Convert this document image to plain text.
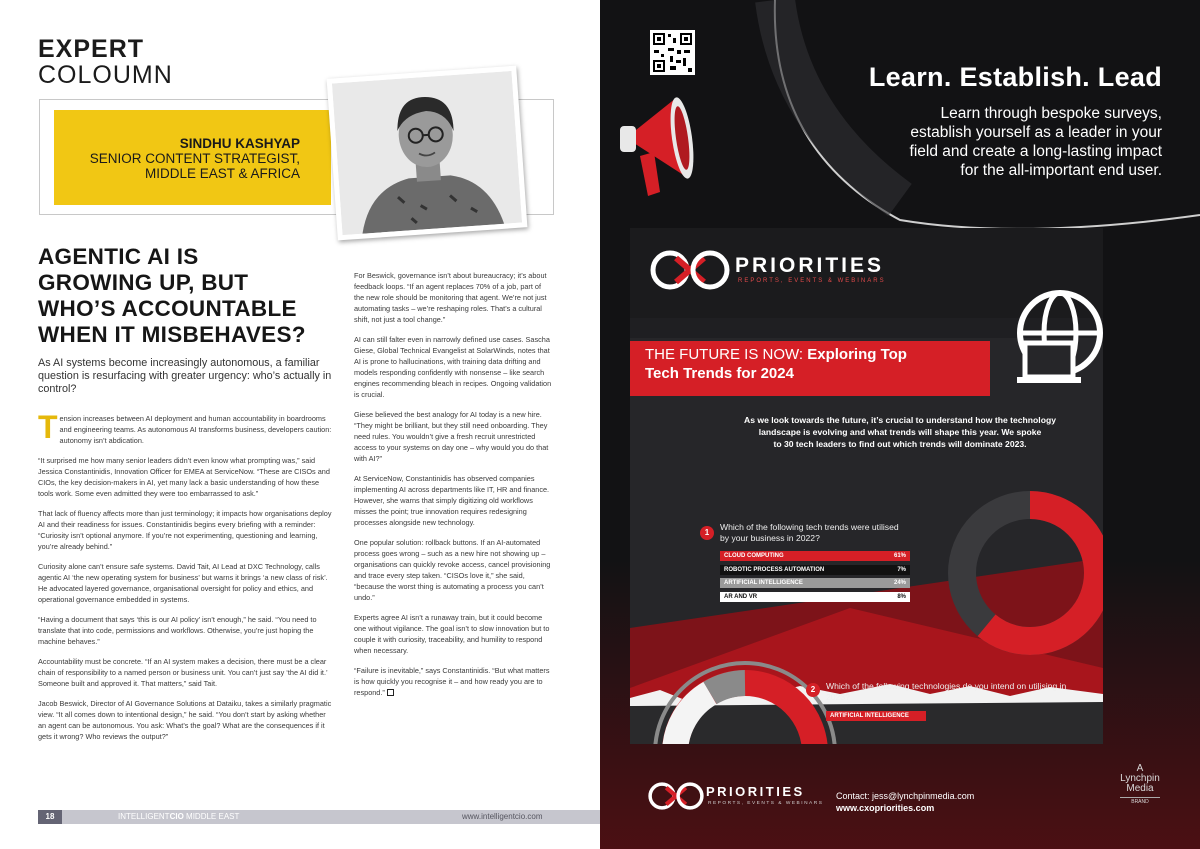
EXPERT
COLOUMN
SINDHU KASHYAP
SENIOR CONTENT STRATEGIST,
MIDDLE EAST & AFRICA
AGENTIC AI IS
GROWING UP, BUT
WHO’S ACCOUNTABLE
WHEN IT MISBEHAVES?
As AI systems become increasingly autonomous, a familiar question is resurfacing with greater urgency: who’s actually in control?

Tension increases between AI deployment and human accountability in boardrooms and engineering teams. As autonomous AI transforms business, developers caution: autonomy isn’t abdication.

“It surprised me how many senior leaders didn’t even know what prompting was,” said Jessica Constantinidis, Innovation Officer for EMEA at ServiceNow. “These are CISOs and CIOs, the key decision-makers in AI, yet many lack a basic understanding of how these tools work. Some even admitted they were too embarrassed to ask.”

That lack of fluency affects more than just terminology; it impacts how organisations deploy AI and their readiness for issues. Constantinidis begins every briefing with a reminder: “Curiosity isn’t optional anymore. If you’re not experimenting, questioning and learning, you’re already behind.”

Curiosity alone can’t ensure safe systems. David Tait, AI Lead at DXC Technology, calls agentic AI ‘the new operating system for business’ but warns it brings ‘a new class of risk’. He advocated layered governance, organisational oversight for policy and ethics, and operational governance embedded in systems.

“Having a document that says ‘this is our AI policy’ isn’t enough,” he said. “You need to translate that into code, permissions and workflows. Otherwise, you’re just hoping the machine behaves.”

Accountability must be concrete. “If an AI system makes a decision, there must be a clear chain of responsibility to a named person or business unit. You can’t just say ‘the AI did it.’ Someone built and approved it. That matters,” said Tait.

Jacob Beswick, Director of AI Governance Solutions at Dataiku, takes a similarly pragmatic view. “It all comes down to intentional design,” he said. “You don’t start by asking whether an agent can be autonomous. You ask: What’s the goal? What are the consequences if it gets it wrong? Who reviews the output?”

For Beswick, governance isn’t about bureaucracy; it’s about feedback loops. “If an agent replaces 70% of a job, part of the new role should be monitoring that agent. We’re not just automating tasks – we’re reshaping roles. That’s a cultural shift, not just a tool change.”

AI can still falter even in narrowly defined use cases. Sascha Giese, Global Technical Evangelist at SolarWinds, notes that AI is prone to hallucinations, with training data drifting and models responding confidently with nonsense – like search engines recommending bleach in recipes. Ongoing validation is crucial.

Giese believed the best analogy for AI today is a new hire. “They might be brilliant, but they still need onboarding. They need rules. You wouldn’t give a fresh recruit unrestricted access to your systems on day one – why would you do that with AI?”

At ServiceNow, Constantinidis has observed companies implementing AI across departments like IT, HR and finance. However, she warns that simply digitizing old workflows misses the point; true innovation requires redesigning processes alongside new technology.

One popular solution: rollback buttons. If an AI-automated process goes wrong – such as a new hire not showing up – organisations can quickly revoke access, cancel provisioning and trace every step taken. “CISOs love it,” she said, “because the worst thing is automating a process you can’t undo.”

Experts agree AI isn’t a runaway train, but it could become one without vigilance. The goal isn’t to slow innovation but to couple it with curiosity, traceability, and humility to respond when necessary.

“Failure is inevitable,” says Constantinidis. “But what matters is how quickly you recognise it – and how ready you are to respond.”

18	INTELLIGENTCIO MIDDLE EAST	www.intelligentcio.com
Learn. Establish. Lead
Learn through bespoke surveys,
establish yourself as a leader in your
field and create a long-lasting impact
for the all-important end user.
PRIORITIES
REPORTS, EVENTS & WEBINARS
THE FUTURE IS NOW: Exploring Top
Tech Trends for 2024
As we look towards the future, it’s crucial to understand how the technology
landscape is evolving and what trends will shape this year. We spoke
to 30 tech leaders to find out which trends will dominate 2023.
1
Which of the following tech trends were utilised by your business in 2022?
CLOUD COMPUTING	61%
ROBOTIC PROCESS AUTOMATION	7%
ARTIFICIAL INTELLIGENCE	24%
AR AND VR	8%
2	Which of the following technologies do you intend on utilising in 2023?
ARTIFICIAL INTELLIGENCE
PRIORITIES
REPORTS, EVENTS & WEBINARS
Contact: jess@lynchpinmedia.com
www.cxopriorities.com
A
Lynchpin
Media
BRAND
